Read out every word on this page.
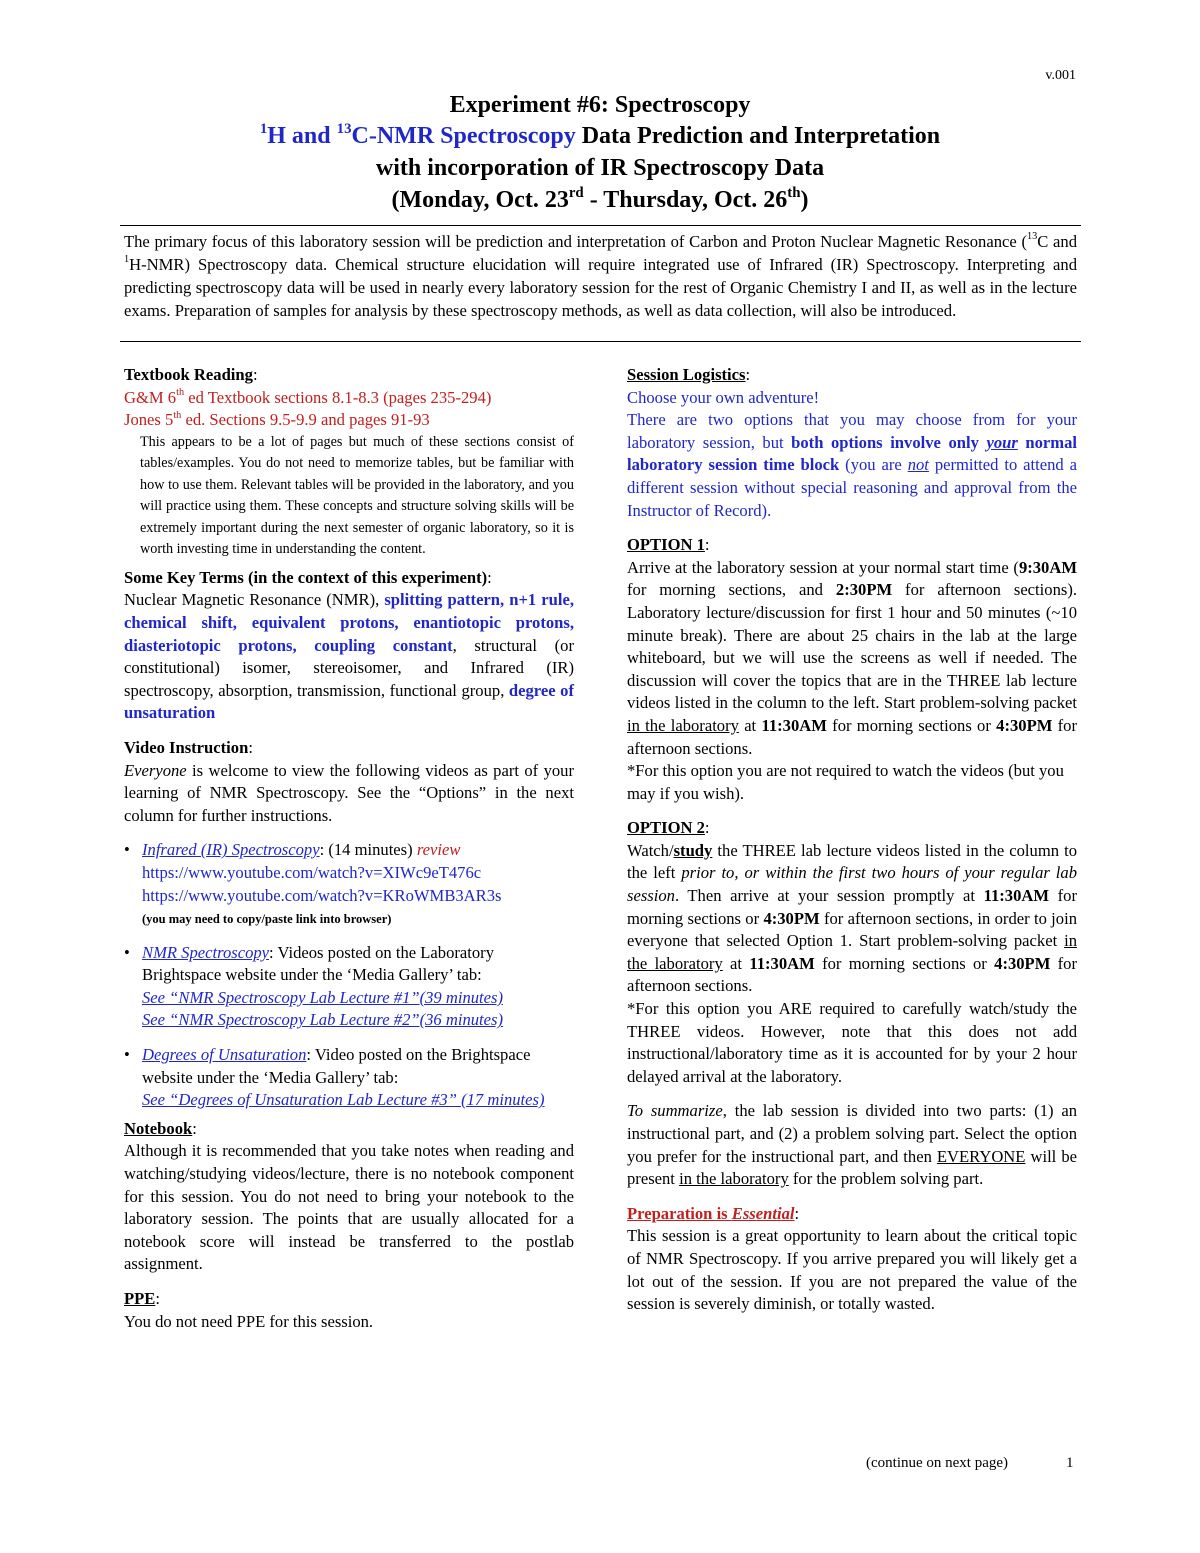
v.001
Experiment #6: Spectroscopy
$^1$H and $^{13}$C-NMR Spectroscopy Data Prediction and Interpretation
with incorporation of IR Spectroscopy Data
(Monday, Oct. 23rd - Thursday, Oct. 26th)
The primary focus of this laboratory session will be prediction and interpretation of Carbon and Proton Nuclear Magnetic Resonance ($^{13}$C and $^1$H-NMR) Spectroscopy data. Chemical structure elucidation will require integrated use of Infrared (IR) Spectroscopy. Interpreting and predicting spectroscopy data will be used in nearly every laboratory session for the rest of Organic Chemistry I and II, as well as in the lecture exams. Preparation of samples for analysis by these spectroscopy methods, as well as data collection, will also be introduced.
Textbook Reading:
G&M 6th ed Textbook sections 8.1-8.3 (pages 235-294)
Jones 5th ed. Sections 9.5-9.9 and pages 91-93
This appears to be a lot of pages but much of these sections consist of tables/examples. You do not need to memorize tables, but be familiar with how to use them. Relevant tables will be provided in the laboratory, and you will practice using them. These concepts and structure solving skills will be extremely important during the next semester of organic laboratory, so it is worth investing time in understanding the content.
Some Key Terms (in the context of this experiment):
Nuclear Magnetic Resonance (NMR), splitting pattern, n+1 rule, chemical shift, equivalent protons, enantiotopic protons, diasteriotopic protons, coupling constant, structural (or constitutional) isomer, stereoisomer, and Infrared (IR) spectroscopy, absorption, transmission, functional group, degree of unsaturation
Video Instruction:
Everyone is welcome to view the following videos as part of your learning of NMR Spectroscopy. See the “Options” in the next column for further instructions.
• Infrared (IR) Spectroscopy: (14 minutes) review
https://www.youtube.com/watch?v=XIWc9eT476c
https://www.youtube.com/watch?v=KRoWMB3AR3s
(you may need to copy/paste link into browser)
• NMR Spectroscopy: Videos posted on the Laboratory Brightspace website under the ‘Media Gallery’ tab:
See “NMR Spectroscopy Lab Lecture #1”(39 minutes)
See “NMR Spectroscopy Lab Lecture #2”(36 minutes)
• Degrees of Unsaturation: Video posted on the Brightspace website under the ‘Media Gallery’ tab:
See “Degrees of Unsaturation Lab Lecture #3” (17 minutes)
Notebook:
Although it is recommended that you take notes when reading and watching/studying videos/lecture, there is no notebook component for this session. You do not need to bring your notebook to the laboratory session. The points that are usually allocated for a notebook score will instead be transferred to the postlab assignment.
PPE:
You do not need PPE for this session.
Session Logistics:
Choose your own adventure!
There are two options that you may choose from for your laboratory session, but both options involve only your normal laboratory session time block (you are not permitted to attend a different session without special reasoning and approval from the Instructor of Record).
OPTION 1:
Arrive at the laboratory session at your normal start time (9:30AM for morning sections, and 2:30PM for afternoon sections). Laboratory lecture/discussion for first 1 hour and 50 minutes (~10 minute break). There are about 25 chairs in the lab at the large whiteboard, but we will use the screens as well if needed. The discussion will cover the topics that are in the THREE lab lecture videos listed in the column to the left. Start problem-solving packet in the laboratory at 11:30AM for morning sections or 4:30PM for afternoon sections.
*For this option you are not required to watch the videos (but you may if you wish).
OPTION 2:
Watch/study the THREE lab lecture videos listed in the column to the left prior to, or within the first two hours of your regular lab session. Then arrive at your session promptly at 11:30AM for morning sections or 4:30PM for afternoon sections, in order to join everyone that selected Option 1. Start problem-solving packet in the laboratory at 11:30AM for morning sections or 4:30PM for afternoon sections.
*For this option you ARE required to carefully watch/study the THREE videos. However, note that this does not add instructional/laboratory time as it is accounted for by your 2 hour delayed arrival at the laboratory.
To summarize, the lab session is divided into two parts: (1) an instructional part, and (2) a problem solving part. Select the option you prefer for the instructional part, and then EVERYONE will be present in the laboratory for the problem solving part.
Preparation is Essential:
This session is a great opportunity to learn about the critical topic of NMR Spectroscopy. If you arrive prepared you will likely get a lot out of the session. If you are not prepared the value of the session is severely diminish, or totally wasted.
(continue on next page)	1
